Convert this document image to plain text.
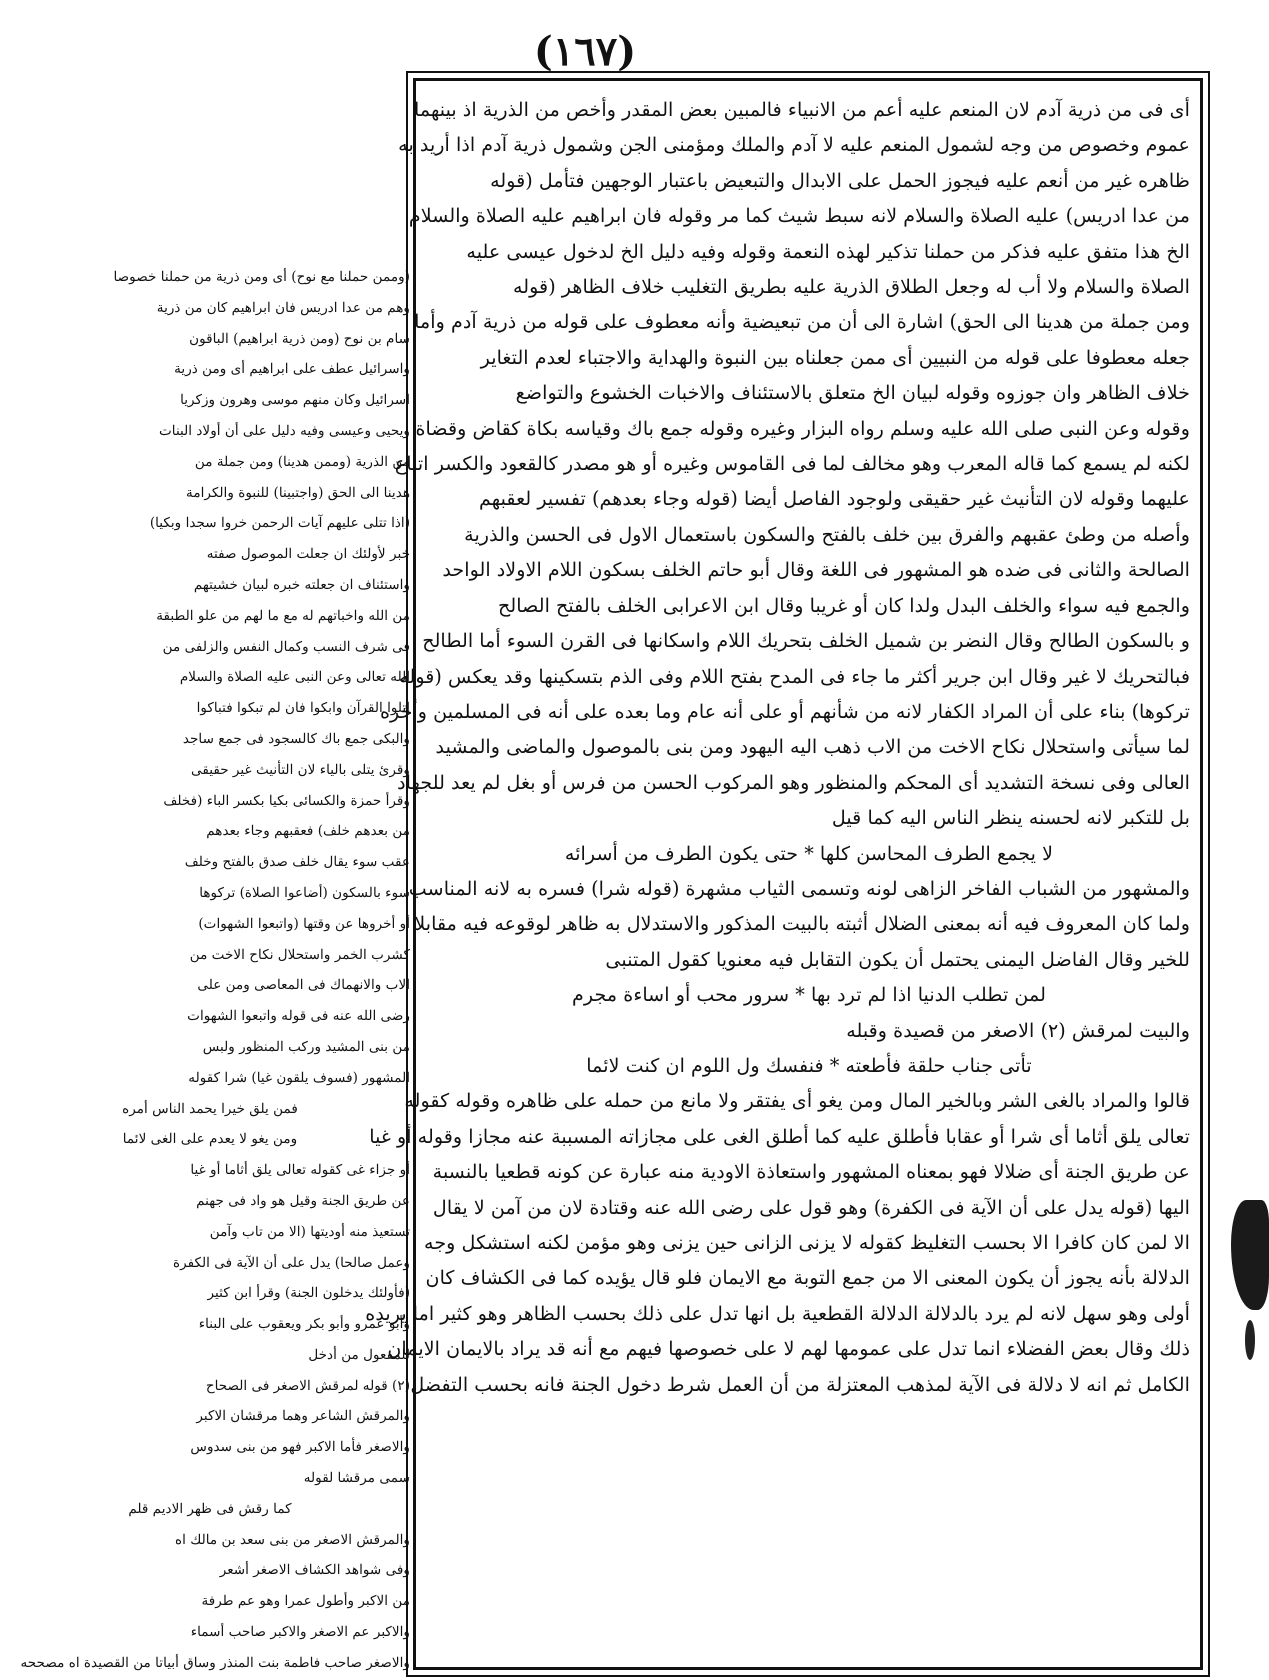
(١٦٧)
أى فى من ذرية آدم لان المنعم عليه أعم من الانبياء فالمبين بعض المقدر وأخص من الذرية اذ بينهما
عموم وخصوص من وجه لشمول المنعم عليه لا آدم والملك ومؤمنى الجن وشمول ذرية آدم اذا أريد به
ظاهره غير من أنعم عليه فيجوز الحمل على الابدال والتبعيض باعتبار الوجهين فتأمل (قوله
من عدا ادريس) عليه الصلاة والسلام لانه سبط شيث كما مر وقوله فان ابراهيم عليه الصلاة والسلام
الخ هذا متفق عليه فذكر من حملنا تذكير لهذه النعمة وقوله وفيه دليل الخ لدخول عيسى عليه
الصلاة والسلام ولا أب له وجعل الطلاق الذرية عليه بطريق التغليب خلاف الظاهر (قوله
ومن جملة من هدينا الى الحق) اشارة الى أن من تبعيضية وأنه معطوف على قوله من ذرية آدم وأما
جعله معطوفا على قوله من النبيين أى ممن جعلناه بين النبوة والهداية والاجتباء لعدم التغاير
خلاف الظاهر وان جوزوه وقوله لبيان الخ متعلق بالاستئناف والاخبات الخشوع والتواضع
وقوله وعن النبى صلى الله عليه وسلم رواه البزار وغيره وقوله جمع باك وقياسه بكاة كقاض وقضاة
لكنه لم يسمع كما قاله المعرب وهو مخالف لما فى القاموس وغيره أو هو مصدر كالقعود والكسر اتباع
عليهما وقوله لان التأنيث غير حقيقى ولوجود الفاصل أيضا (قوله وجاء بعدهم) تفسير لعقبهم
وأصله من وطئ عقبهم والفرق بين خلف بالفتح والسكون باستعمال الاول فى الحسن والذرية
الصالحة والثانى فى ضده هو المشهور فى اللغة وقال أبو حاتم الخلف بسكون اللام الاولاد الواحد
والجمع فيه سواء والخلف البدل ولدا كان أو غريبا وقال ابن الاعرابى الخلف بالفتح الصالح
و بالسكون الطالح وقال النضر بن شميل الخلف بتحريك اللام واسكانها فى القرن السوء أما الطالح
فبالتحريك لا غير وقال ابن جرير أكثر ما جاء فى المدح بفتح اللام وفى الذم بتسكينها وقد يعكس (قوله
تركوها) بناء على أن المراد الكفار لانه من شأنهم أو على أنه عام وما بعده على أنه فى المسلمين وأخره
لما سيأتى واستحلال نكاح الاخت من الاب ذهب اليه اليهود ومن بنى بالموصول والماضى والمشيد
العالى وفى نسخة التشديد أى المحكم والمنظور وهو المركوب الحسن من فرس أو بغل لم يعد للجهاد
بل للتكبر لانه لحسنه ينظر الناس اليه كما قيل
لا يجمع الطرف المحاسن كلها * حتى يكون الطرف من أسرائه
والمشهور من الشباب الفاخر الزاهى لونه وتسمى الثياب مشهرة (قوله شرا) فسره به لانه المناسب
ولما كان المعروف فيه أنه بمعنى الضلال أثبته بالبيت المذكور والاستدلال به ظاهر لوقوعه فيه مقابلا
للخير وقال الفاضل اليمنى يحتمل أن يكون التقابل فيه معنويا كقول المتنبى
لمن تطلب الدنيا اذا لم ترد بها * سرور محب أو اساءة مجرم
والبيت لمرقش (٢) الاصغر من قصيدة وقبله
تأتى جناب حلقة فأطعته * فنفسك ول اللوم ان كنت لائما
قالوا والمراد بالغى الشر وبالخير المال ومن يغو أى يفتقر ولا مانع من حمله على ظاهره وقوله كقوله
تعالى يلق أثاما أى شرا أو عقابا فأطلق عليه كما أطلق الغى على مجازاته المسببة عنه مجازا وقوله أو غيا
عن طريق الجنة أى ضلالا فهو بمعناه المشهور واستعاذة الاودية منه عبارة عن كونه قطعيا بالنسبة
اليها (قوله يدل على أن الآية فى الكفرة) وهو قول على رضى الله عنه وقتادة لان من آمن لا يقال
الا لمن كان كافرا الا بحسب التغليظ كقوله لا يزنى الزانى حين يزنى وهو مؤمن لكنه استشكل وجه
الدلالة بأنه يجوز أن يكون المعنى الا من جمع التوبة مع الايمان فلو قال يؤيده كما فى الكشاف كان
أولى وهو سهل لانه لم يرد بالدلالة الدلالة القطعية بل انها تدل على ذلك بحسب الظاهر وهو كثير اما يريده
ذلك وقال بعض الفضلاء انما تدل على عمومها لهم لا على خصوصها فيهم مع أنه قد يراد بالايمان الايمان
الكامل ثم انه لا دلالة فى الآية لمذهب المعتزلة من أن العمل شرط دخول الجنة فانه بحسب التفضل
(وممن حملنا مع نوح) أى ومن ذرية من حملنا خصوصا
وهم من عدا ادريس فان ابراهيم كان من ذرية
سام بن نوح (ومن ذرية ابراهيم) الباقون
واسرائيل عطف على ابراهيم أى ومن ذرية
اسرائيل وكان منهم موسى وهرون وزكريا
ويحيى وعيسى وفيه دليل على أن أولاد البنات
من الذرية (وممن هدينا) ومن جملة من
هدينا الى الحق (واجتبينا) للنبوة والكرامة
(اذا تتلى عليهم آيات الرحمن خروا سجدا وبكيا)
خبر لأولئك ان جعلت الموصول صفته
واستئناف ان جعلته خبره لبيان خشيتهم
من الله واخباتهم له مع ما لهم من علو الطبقة
فى شرف النسب وكمال النفس والزلفى من
الله تعالى وعن النبى عليه الصلاة والسلام
اتلوا القرآن وابكوا فان لم تبكوا فتباكوا
والبكى جمع باك كالسجود فى جمع ساجد
وقرئ يتلى بالياء لان التأنيث غير حقيقى
وقرأ حمزة والكسائى بكيا بكسر الباء (فخلف
من بعدهم خلف) فعقبهم وجاء بعدهم
عقب سوء يقال خلف صدق بالفتح وخلف
سوء بالسكون (أضاعوا الصلاة) تركوها
أو أخروها عن وقتها (واتبعوا الشهوات)
كشرب الخمر واستحلال نكاح الاخت من
الاب والانهماك فى المعاصى ومن على
رضى الله عنه فى قوله واتبعوا الشهوات
من بنى المشيد وركب المنظور ولبس
المشهور (فسوف يلقون غيا) شرا كقوله
فمن يلق خيرا يحمد الناس أمره
ومن يغو لا يعدم على الغى لائما
أو جزاء غى كقوله تعالى يلق أثاما أو غيا
عن طريق الجنة وقيل هو واد فى جهنم
تستعيذ منه أوديتها (الا من تاب وآمن
وعمل صالحا) يدل على أن الآية فى الكفرة
(فأولئك يدخلون الجنة) وقرأ ابن كثير
وأبو عمرو وأبو بكر ويعقوب على البناء
للمفعول من أدخل
(٢) قوله لمرقش الاصغر فى الصحاح
والمرقش الشاعر وهما مرقشان الاكبر
والاصغر فأما الاكبر فهو من بنى سدوس
سمى مرقشا لقوله
كما رقش فى ظهر الاديم قلم
والمرقش الاصغر من بنى سعد بن مالك اه
وفى شواهد الكشاف الاصغر أشعر
من الاكبر وأطول عمرا وهو عم طرفة
والاكبر عم الاصغر والاكبر صاحب أسماء
والاصغر صاحب فاطمة بنت المنذر وساق أبياتا من القصيدة اه مصححه
